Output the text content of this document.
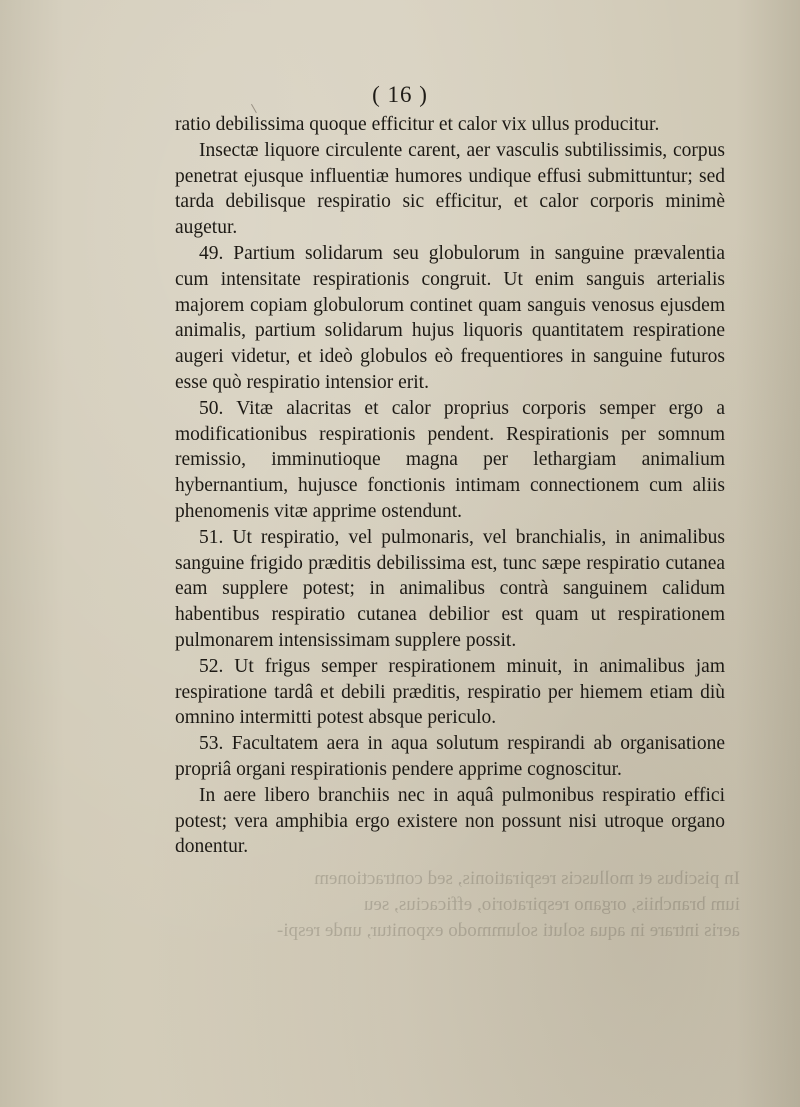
( 16 )

ratio debilissima quoque efficitur et calor vix ullus producitur.

Insectæ liquore circulente carent, aer vasculis subtilissimis, corpus penetrat ejusque influentiæ humores undique effusi submittuntur; sed tarda debilisque respiratio sic efficitur, et calor corporis minimè augetur.

49. Partium solidarum seu globulorum in sanguine prævalentia cum intensitate respirationis congruit. Ut enim sanguis arterialis majorem copiam globulorum continet quam sanguis venosus ejusdem animalis, partium solidarum hujus liquoris quantitatem respiratione augeri videtur, et ideò globulos eò frequentiores in sanguine futuros esse quò respiratio intensior erit.

50. Vitæ alacritas et calor proprius corporis semper ergo a modificationibus respirationis pendent. Respirationis per somnum remissio, imminutioque magna per lethargiam animalium hybernantium, hujusce fonctionis intimam connectionem cum aliis phenomenis vitæ apprime ostendunt.

51. Ut respiratio, vel pulmonaris, vel branchialis, in animalibus sanguine frigido præditis debilissima est, tunc sæpe respiratio cutanea eam supplere potest; in animalibus contrà sanguinem calidum habentibus respiratio cutanea debilior est quam ut respirationem pulmonarem intensissimam supplere possit.

52. Ut frigus semper respirationem minuit, in animalibus jam respiratione tardâ et debili præditis, respiratio per hiemem etiam diù omnino intermitti potest absque periculo.

53. Facultatem aera in aqua solutum respirandi ab organisatione propriâ organi respirationis pendere apprime cognoscitur.

In aere libero branchiis nec in aquâ pulmonibus respiratio effici potest; vera amphibia ergo existere non possunt nisi utroque organo donentur.

In piscibus et molluscis respirationis, sed contractionem
ium branchiis, organo respiratorio, efficacius, seu
aeris intrare in aqua soluti solummodo exponitur, unde respi-
